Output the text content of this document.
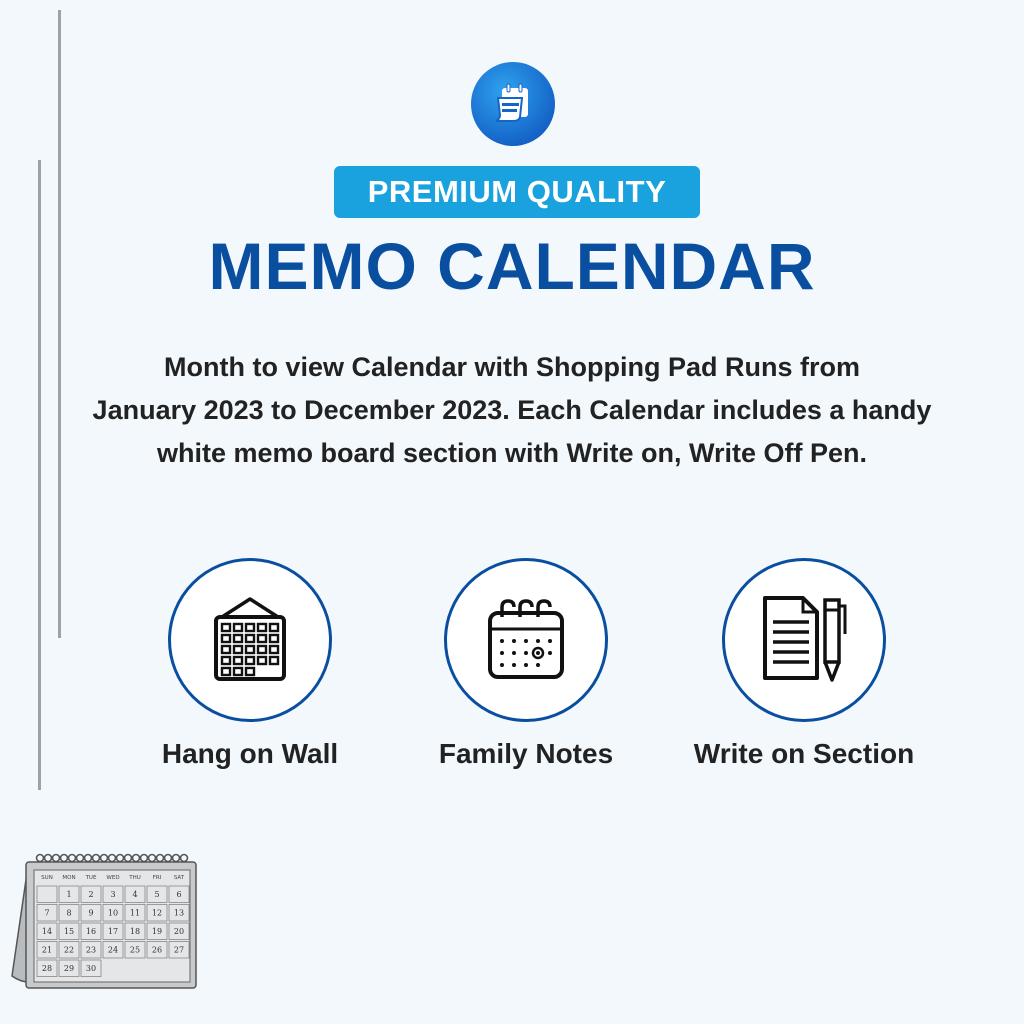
PREMIUM QUALITY
MEMO CALENDAR
Month to view Calendar with Shopping Pad Runs from
January 2023 to December 2023. Each Calendar includes a handy
white memo board section with Write on, Write Off Pen.
Hang on Wall	Family Notes	Write on Section
SUN MON TUE WED THU FRI SAT
1 2 3 4 5 6
7 8 9 10 11 12 13
14 15 16 17 18 19 20
21 22 23 24 25 26 27
28 29 30
